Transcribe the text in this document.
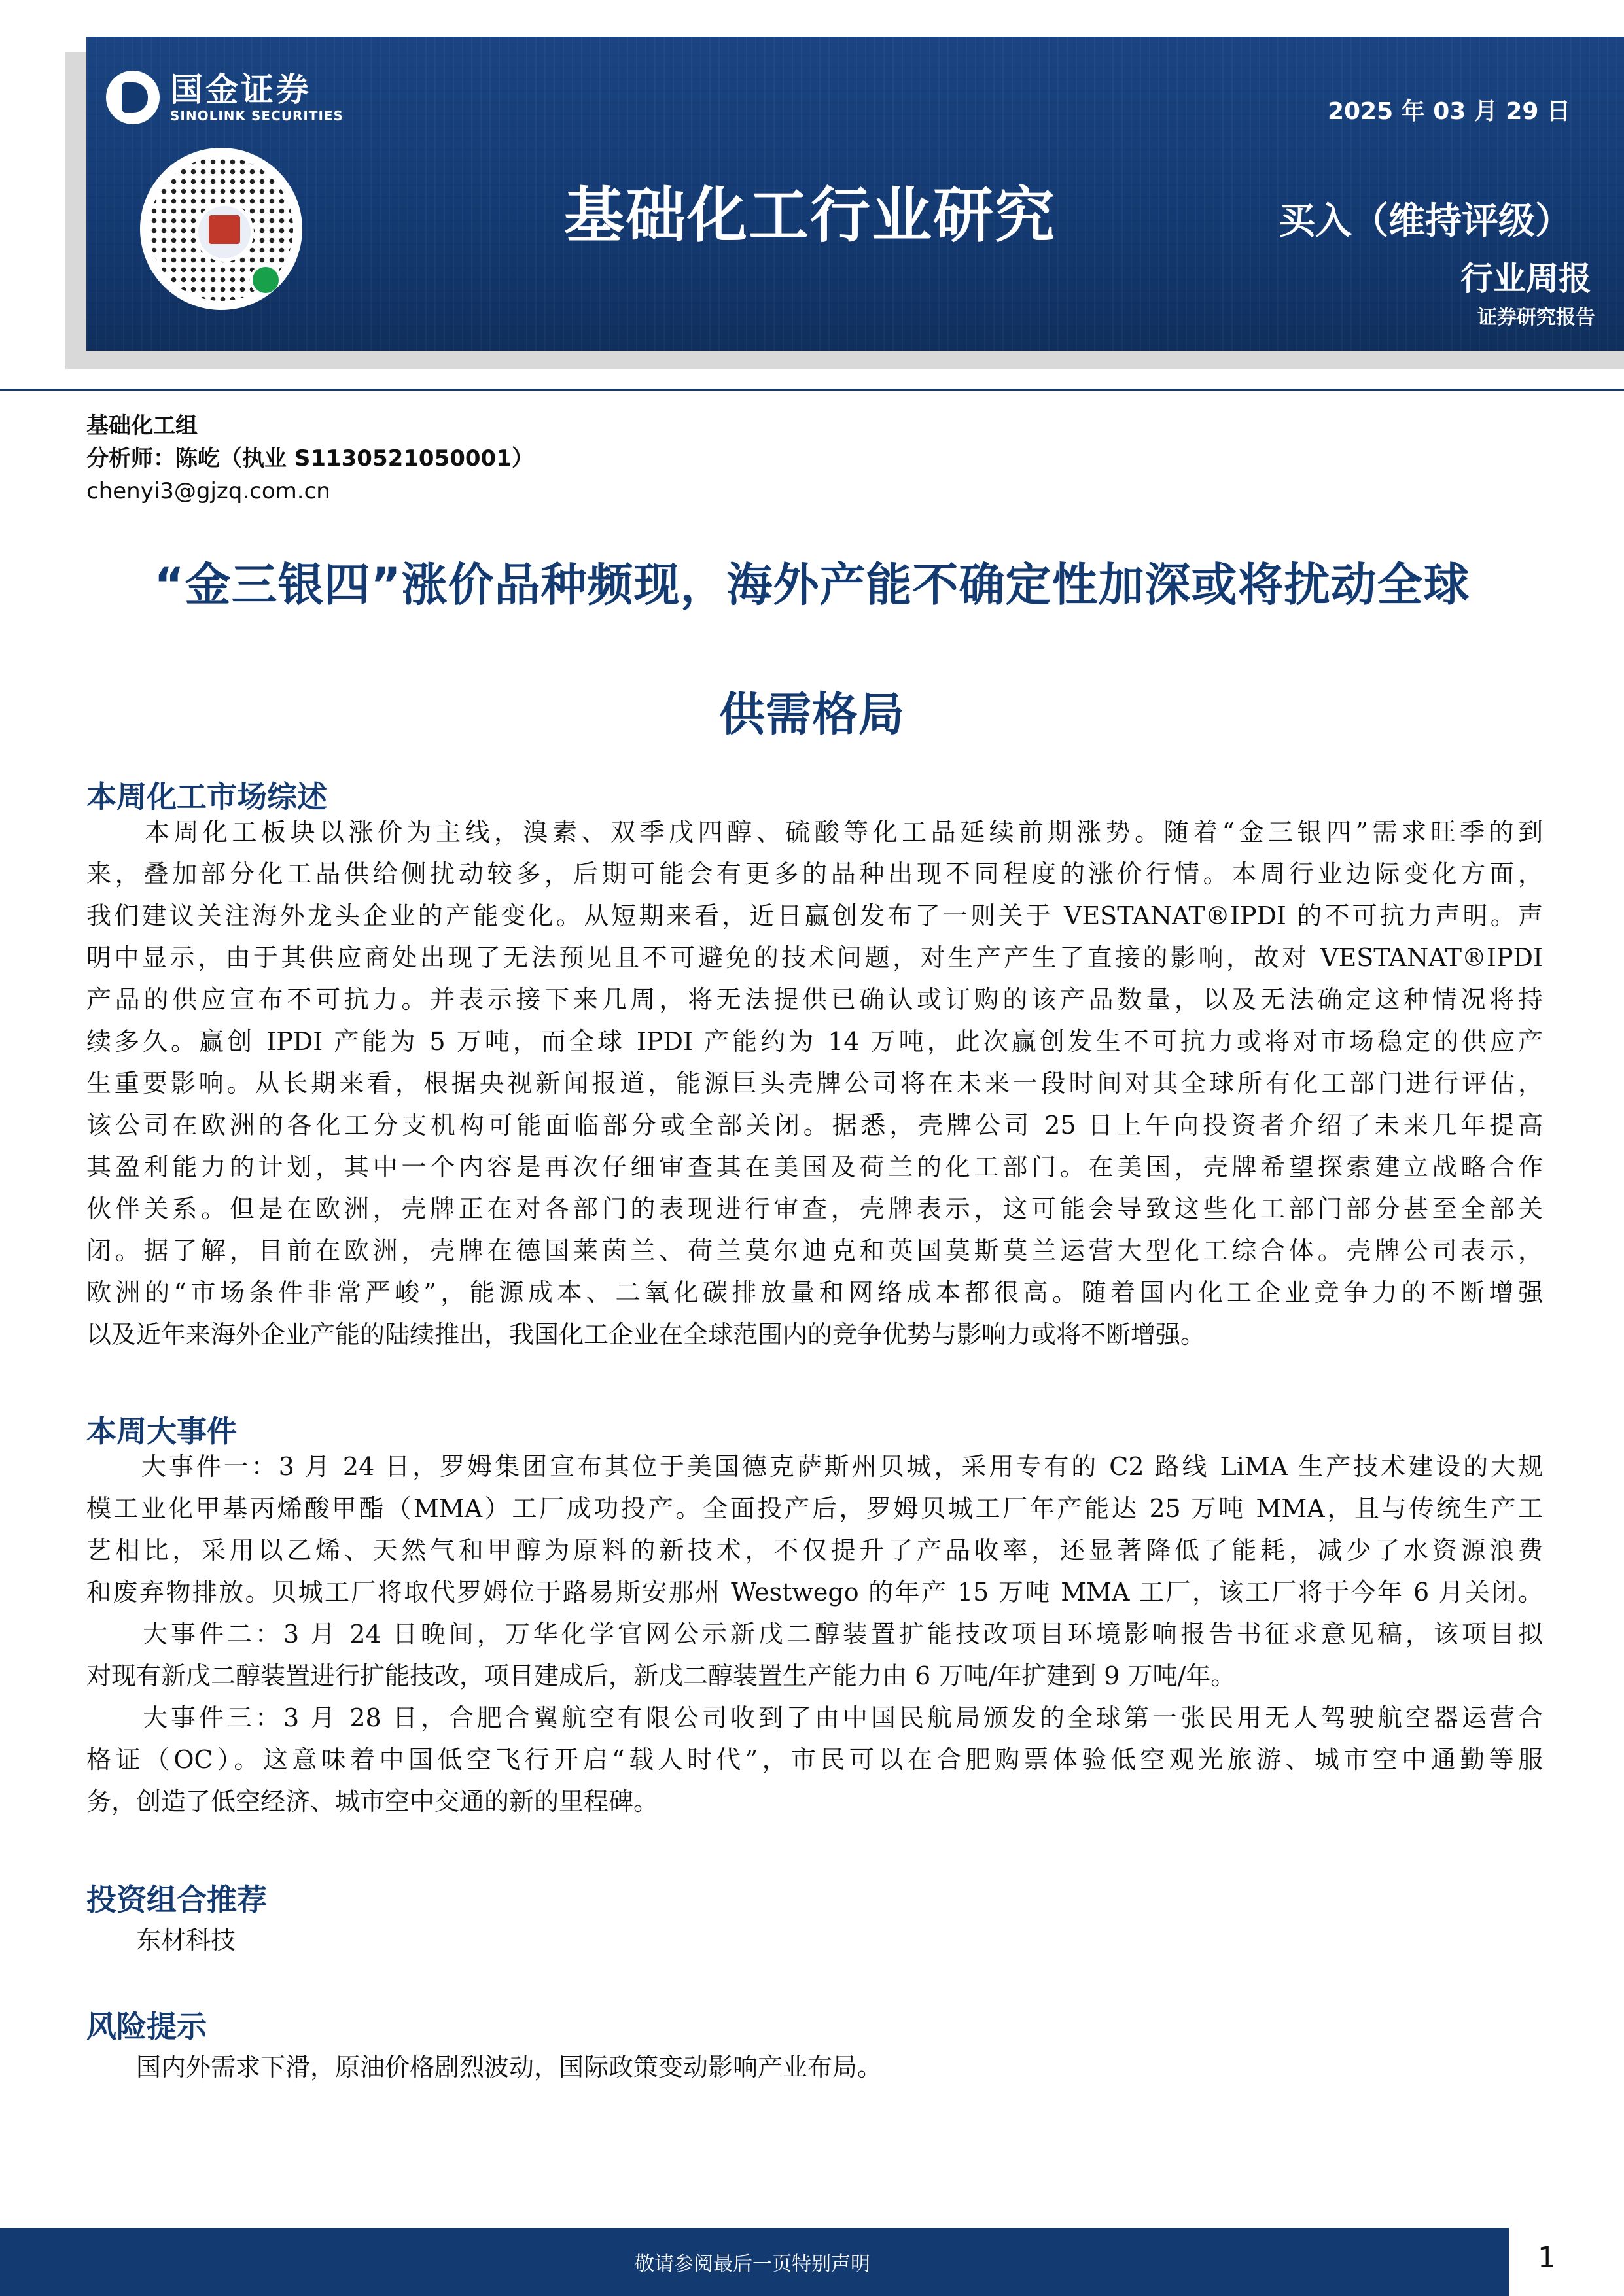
国金证券
SINOLINK SECURITIES	2025 年 03 月 29 日
基础化工行业研究	买入（维持评级）
行业周报
证券研究报告
基础化工组
分析师：陈屹（执业 S1130521050001）
chenyi3@gjzq.com.cn
“金三银四”涨价品种频现，海外产能不确定性加深或将扰动全球
供需格局
本周化工市场综述
　　本周化工板块以涨价为主线，溴素、双季戊四醇、硫酸等化工品延续前期涨势。随着“金三银四”需求旺季的到
来，叠加部分化工品供给侧扰动较多，后期可能会有更多的品种出现不同程度的涨价行情。本周行业边际变化方面，
我们建议关注海外龙头企业的产能变化。从短期来看，近日赢创发布了一则关于 VESTANAT®IPDI 的不可抗力声明。声
明中显示，由于其供应商处出现了无法预见且不可避免的技术问题，对生产产生了直接的影响，故对 VESTANAT®IPDI
产品的供应宣布不可抗力。并表示接下来几周，将无法提供已确认或订购的该产品数量，以及无法确定这种情况将持
续多久。赢创 IPDI 产能为 5 万吨，而全球 IPDI 产能约为 14 万吨，此次赢创发生不可抗力或将对市场稳定的供应产
生重要影响。从长期来看，根据央视新闻报道，能源巨头壳牌公司将在未来一段时间对其全球所有化工部门进行评估，
该公司在欧洲的各化工分支机构可能面临部分或全部关闭。据悉，壳牌公司 25 日上午向投资者介绍了未来几年提高
其盈利能力的计划，其中一个内容是再次仔细审查其在美国及荷兰的化工部门。在美国，壳牌希望探索建立战略合作
伙伴关系。但是在欧洲，壳牌正在对各部门的表现进行审查，壳牌表示，这可能会导致这些化工部门部分甚至全部关
闭。据了解，目前在欧洲，壳牌在德国莱茵兰、荷兰莫尔迪克和英国莫斯莫兰运营大型化工综合体。壳牌公司表示，
欧洲的“市场条件非常严峻”，能源成本、二氧化碳排放量和网络成本都很高。随着国内化工企业竞争力的不断增强
以及近年来海外企业产能的陆续推出，我国化工企业在全球范围内的竞争优势与影响力或将不断增强。
本周大事件
　　大事件一：3 月 24 日，罗姆集团宣布其位于美国德克萨斯州贝城，采用专有的 C2 路线 LiMA 生产技术建设的大规
模工业化甲基丙烯酸甲酯（MMA）工厂成功投产。全面投产后，罗姆贝城工厂年产能达 25 万吨 MMA，且与传统生产工
艺相比，采用以乙烯、天然气和甲醇为原料的新技术，不仅提升了产品收率，还显著降低了能耗，减少了水资源浪费
和废弃物排放。贝城工厂将取代罗姆位于路易斯安那州 Westwego 的年产 15 万吨 MMA 工厂，该工厂将于今年 6 月关闭。
　　大事件二：3 月 24 日晚间，万华化学官网公示新戊二醇装置扩能技改项目环境影响报告书征求意见稿，该项目拟
对现有新戊二醇装置进行扩能技改，项目建成后，新戊二醇装置生产能力由 6 万吨/年扩建到 9 万吨/年。
　　大事件三：3 月 28 日，合肥合翼航空有限公司收到了由中国民航局颁发的全球第一张民用无人驾驶航空器运营合
格证（OC）。这意味着中国低空飞行开启“载人时代”，市民可以在合肥购票体验低空观光旅游、城市空中通勤等服
务，创造了低空经济、城市空中交通的新的里程碑。
投资组合推荐
　　东材科技
风险提示
　　国内外需求下滑，原油价格剧烈波动，国际政策变动影响产业布局。
敬请参阅最后一页特别声明	1
